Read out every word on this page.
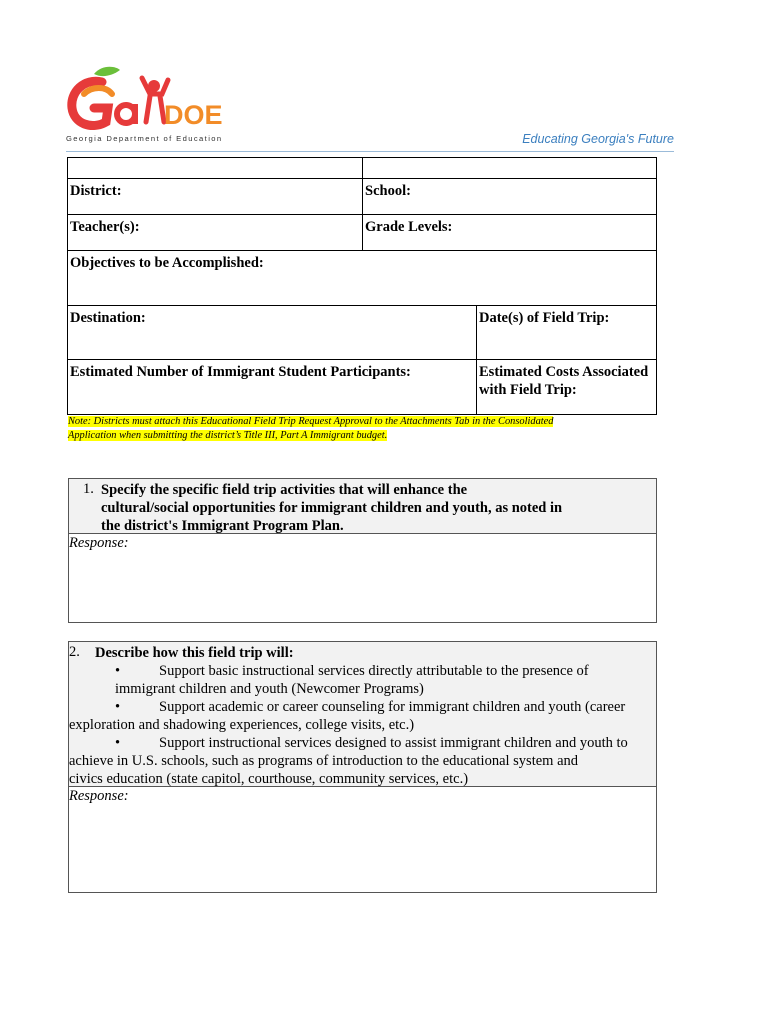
DOE
Georgia Department of Education	Educating Georgia's Future
District:	School:
Teacher(s):	Grade Levels:
Objectives to be Accomplished:
Destination:	Date(s) of Field Trip:
Estimated Number of Immigrant Student Participants:	Estimated Costs Associated
with Field Trip:
Note: Districts must attach this Educational Field Trip Request Approval to the Attachments Tab in the Consolidated
Application when submitting the district’s Title III, Part A Immigrant budget.
1. Specify the specific field trip activities that will enhance the
cultural/social opportunities for immigrant children and youth, as noted in
the district's Immigrant Program Plan.
Response:
2. Describe how this field trip will:
•	Support basic instructional services directly attributable to the presence of
immigrant children and youth (Newcomer Programs)
•	Support academic or career counseling for immigrant children and youth (career
exploration and shadowing experiences, college visits, etc.)
•	Support instructional services designed to assist immigrant children and youth to
achieve in U.S. schools, such as programs of introduction to the educational system and
civics education (state capitol, courthouse, community services, etc.)
Response:
